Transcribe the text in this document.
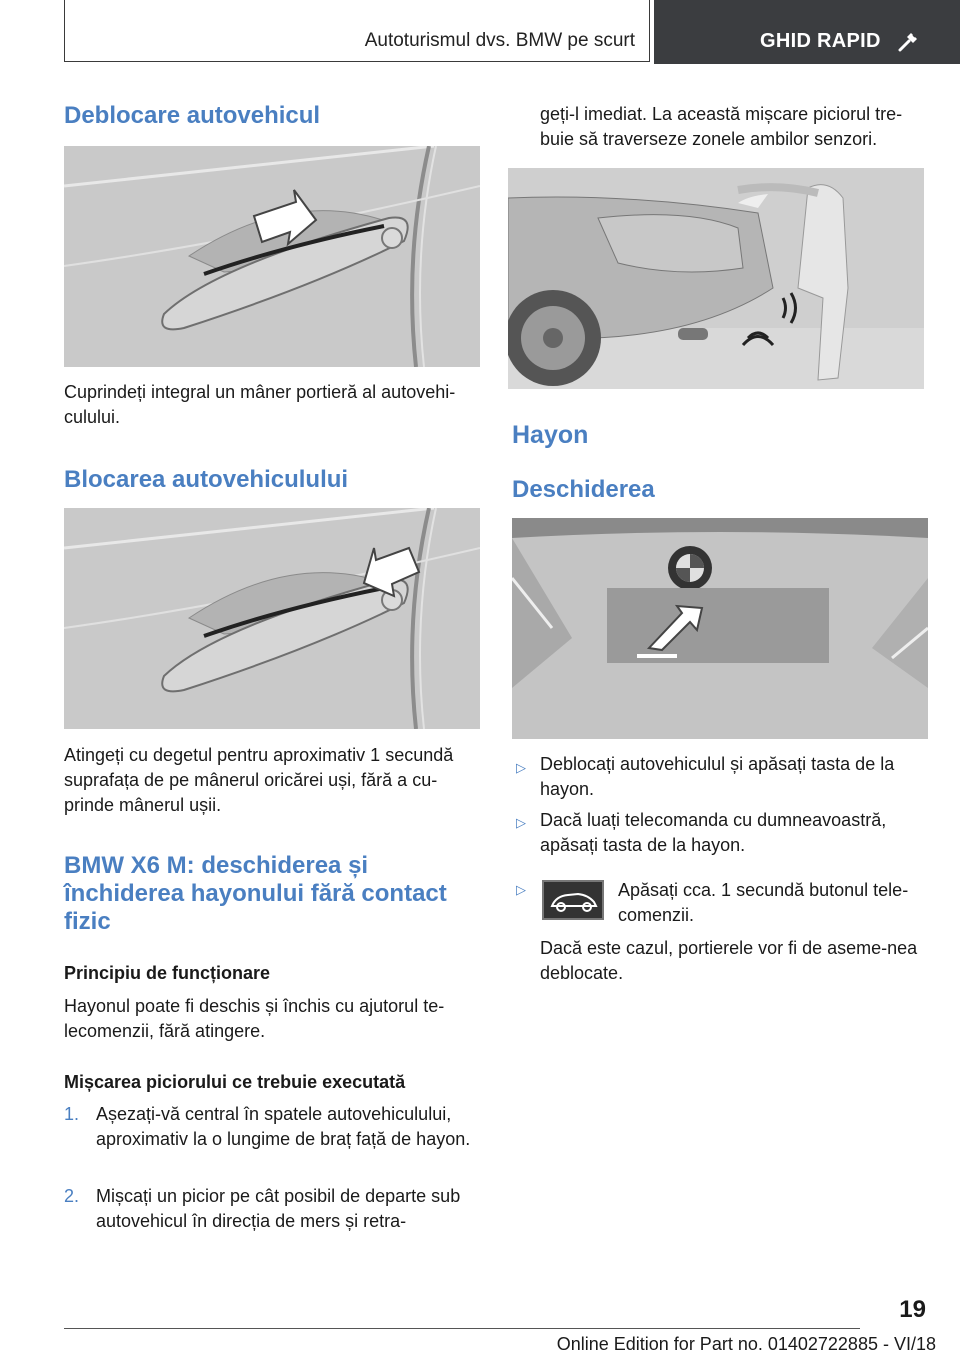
Autoturismul dvs. BMW pe scurt	GHID RAPID
Deblocare autovehicul
Cuprindeți integral un mâner portieră al autovehi-culului.
Blocarea autovehiculului
Atingeți cu degetul pentru aproximativ 1 secundă suprafața de pe mânerul oricărei uși, fără a cu-prinde mânerul ușii.
BMW X6 M: deschiderea și închiderea hayonului fără contact fizic
Principiu de funcționare
Hayonul poate fi deschis și închis cu ajutorul te-lecomenzii, fără atingere.
Mișcarea piciorului ce trebuie executată
1. Așezați-vă central în spatele autovehiculului, aproximativ la o lungime de braț față de hayon.
2. Mișcați un picior pe cât posibil de departe sub autovehicul în direcția de mers și retra-
geți-l imediat. La această mișcare piciorul tre-buie să traverseze zonele ambilor senzori.
Hayon
Deschiderea
▷ Deblocați autovehiculul și apăsați tasta de la hayon.
▷ Dacă luați telecomanda cu dumneavoastră, apăsați tasta de la hayon.
▷	Apăsați cca. 1 secundă butonul tele-comenzii.
Dacă este cazul, portierele vor fi de aseme-nea deblocate.
19
Online Edition for Part no. 01402722885 - VI/18
